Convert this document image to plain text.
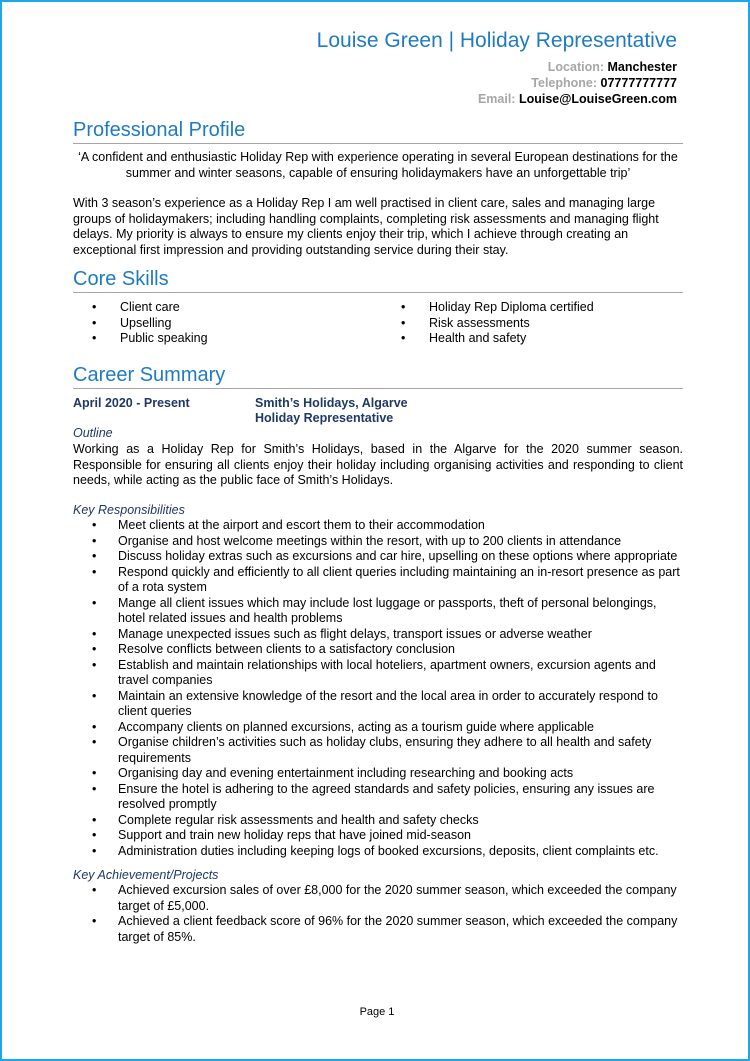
Louise Green | Holiday Representative
Location: Manchester
Telephone: 07777777777
Email: Louise@LouiseGreen.com
Professional Profile
‘A confident and enthusiastic Holiday Rep with experience operating in several European destinations for the summer and winter seasons, capable of ensuring holidaymakers have an unforgettable trip’
With 3 season’s experience as a Holiday Rep I am well practised in client care, sales and managing large groups of holidaymakers; including handling complaints, completing risk assessments and managing flight delays. My priority is always to ensure my clients enjoy their trip, which I achieve through creating an exceptional first impression and providing outstanding service during their stay.
Core Skills
• Client care
• Upselling
• Public speaking
• Holiday Rep Diploma certified
• Risk assessments
• Health and safety
Career Summary
April 2020 - Present	Smith’s Holidays, Algarve
Holiday Representative
Outline
Working as a Holiday Rep for Smith’s Holidays, based in the Algarve for the 2020 summer season. Responsible for ensuring all clients enjoy their holiday including organising activities and responding to client needs, while acting as the public face of Smith’s Holidays.
Key Responsibilities
• Meet clients at the airport and escort them to their accommodation
• Organise and host welcome meetings within the resort, with up to 200 clients in attendance
• Discuss holiday extras such as excursions and car hire, upselling on these options where appropriate
• Respond quickly and efficiently to all client queries including maintaining an in-resort presence as part of a rota system
• Mange all client issues which may include lost luggage or passports, theft of personal belongings, hotel related issues and health problems
• Manage unexpected issues such as flight delays, transport issues or adverse weather
• Resolve conflicts between clients to a satisfactory conclusion
• Establish and maintain relationships with local hoteliers, apartment owners, excursion agents and travel companies
• Maintain an extensive knowledge of the resort and the local area in order to accurately respond to client queries
• Accompany clients on planned excursions, acting as a tourism guide where applicable
• Organise children’s activities such as holiday clubs, ensuring they adhere to all health and safety requirements
• Organising day and evening entertainment including researching and booking acts
• Ensure the hotel is adhering to the agreed standards and safety policies, ensuring any issues are resolved promptly
• Complete regular risk assessments and health and safety checks
• Support and train new holiday reps that have joined mid-season
• Administration duties including keeping logs of booked excursions, deposits, client complaints etc.
Key Achievement/Projects
• Achieved excursion sales of over £8,000 for the 2020 summer season, which exceeded the company target of £5,000.
• Achieved a client feedback score of 96% for the 2020 summer season, which exceeded the company target of 85%.
Page 1
